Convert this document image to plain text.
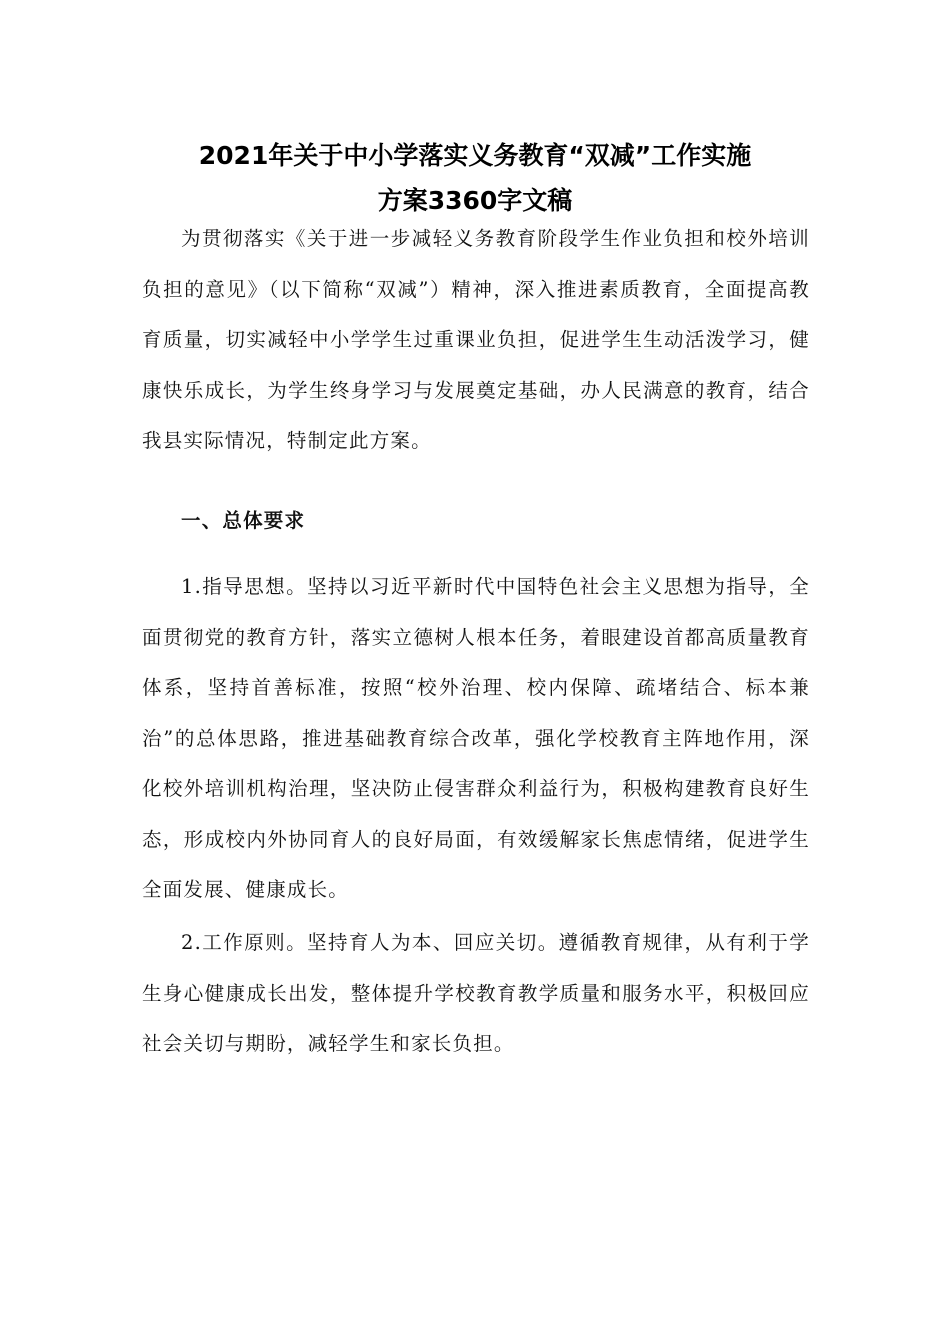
2021年关于中小学落实义务教育“双减”工作实施
方案3360字文稿

为贯彻落实《关于进一步减轻义务教育阶段学生作业负担和校外培训负担的意见》（以下简称“双减”）精神，深入推进素质教育，全面提高教育质量，切实减轻中小学学生过重课业负担，促进学生生动活泼学习，健康快乐成长，为学生终身学习与发展奠定基础，办人民满意的教育，结合我县实际情况，特制定此方案。

一、总体要求

1.指导思想。坚持以习近平新时代中国特色社会主义思想为指导，全面贯彻党的教育方针，落实立德树人根本任务，着眼建设首都高质量教育体系，坚持首善标准，按照“校外治理、校内保障、疏堵结合、标本兼治”的总体思路，推进基础教育综合改革，强化学校教育主阵地作用，深化校外培训机构治理，坚决防止侵害群众利益行为，积极构建教育良好生态，形成校内外协同育人的良好局面，有效缓解家长焦虑情绪，促进学生全面发展、健康成长。

2.工作原则。坚持育人为本、回应关切。遵循教育规律，从有利于学生身心健康成长出发，整体提升学校教育教学质量和服务水平，积极回应社会关切与期盼，减轻学生和家长负担。
